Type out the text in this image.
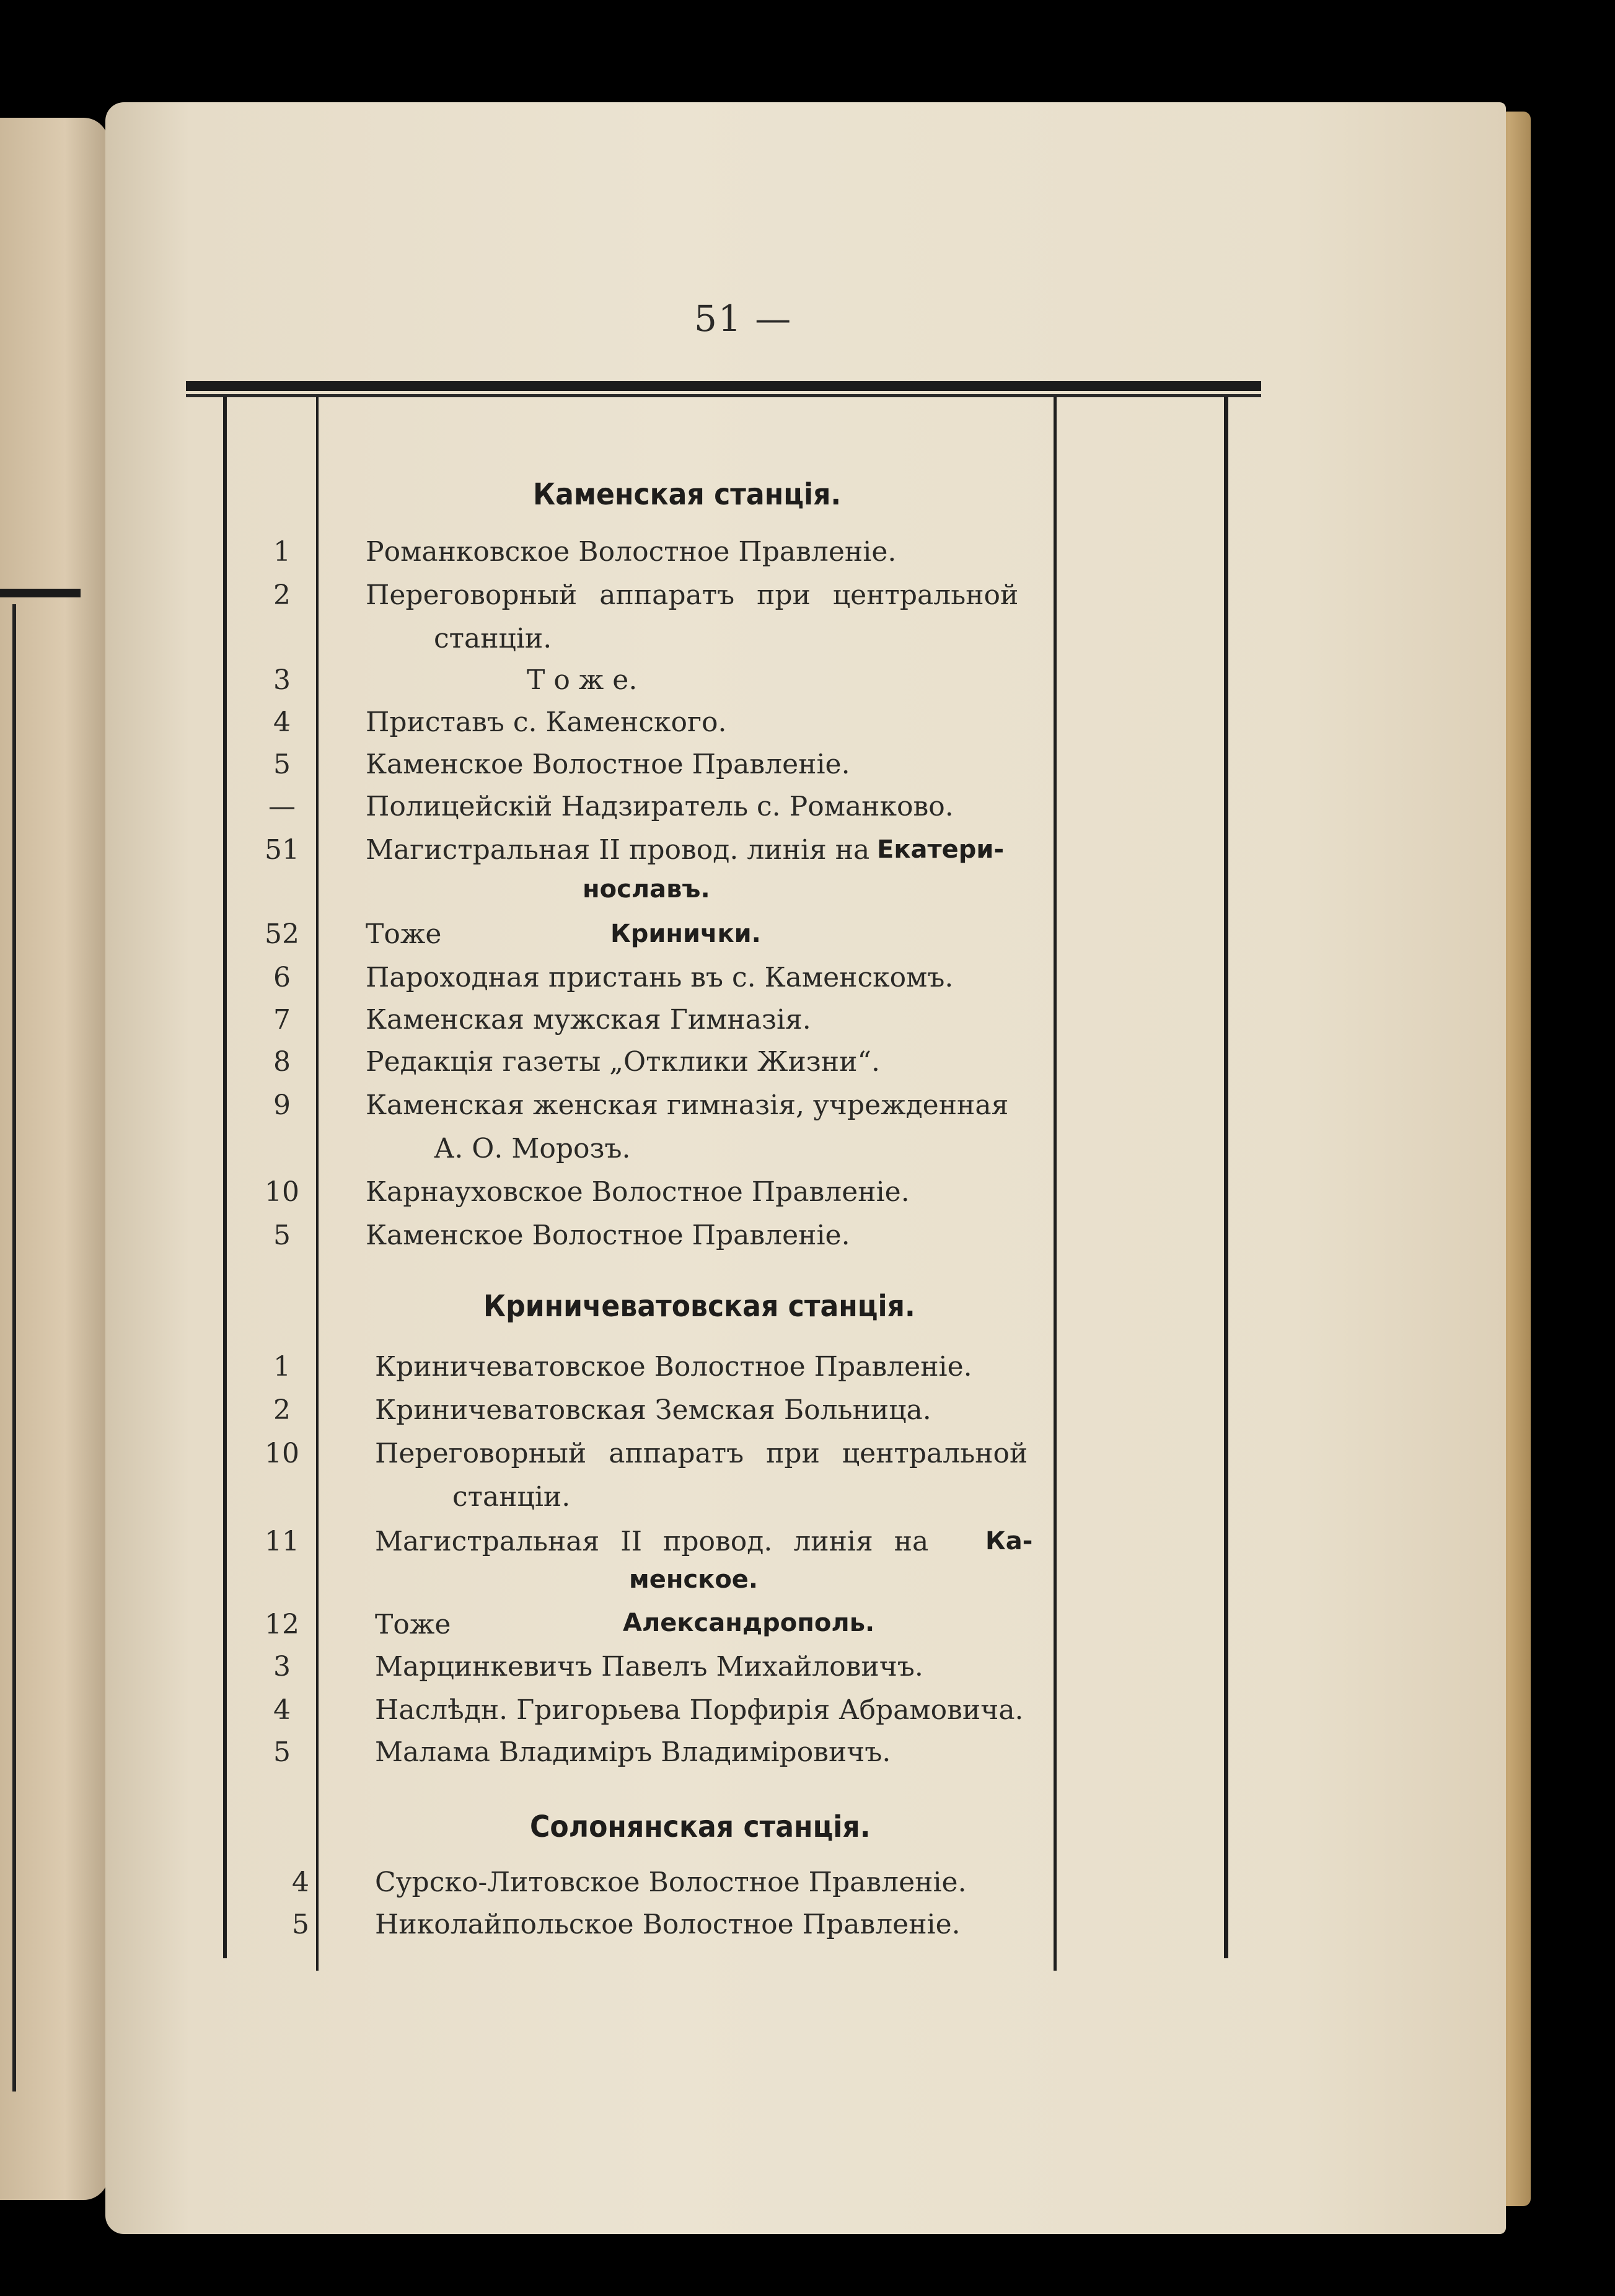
51 —
Каменская станція.
1	Романковское Волостное Правленіе.
2	Переговорный аппаратъ при центральной
станціи.
3	Т о ж е.
4	Приставъ с. Каменского.
5	Каменское Волостное Правленіе.
—	Полицейскій Надзиратель с. Романково.
51	Магистральная II провод. линія на Екатери-
нославъ.
52	Тоже	Кринички.
6	Пароходная пристань въ с. Каменскомъ.
7	Каменская мужская Гимназія.
8	Редакція газеты „Отклики Жизни“.
9	Каменская женская гимназія, учрежденная
А. О. Морозъ.
10	Карнауховское Волостное Правленіе.
5	Каменское Волостное Правленіе.
Криничеватовская станція.
1	Криничеватовское Волостное Правленіе.
2	Криничеватовская Земская Больница.
10	Переговорный аппаратъ при центральной
станціи.
11	Магистральная II провод. линія на Ка-
менское.
12	Тоже	Александрополь.
3	Марцинкевичъ Павелъ Михайловичъ.
4	Наслѣдн. Григорьева Порфирія Абрамовича.
5	Малама Владиміръ Владиміровичъ.
Солонянская станція.
4	Сурско-Литовское Волостное Правленіе.
5	Николайпольское Волостное Правленіе.
